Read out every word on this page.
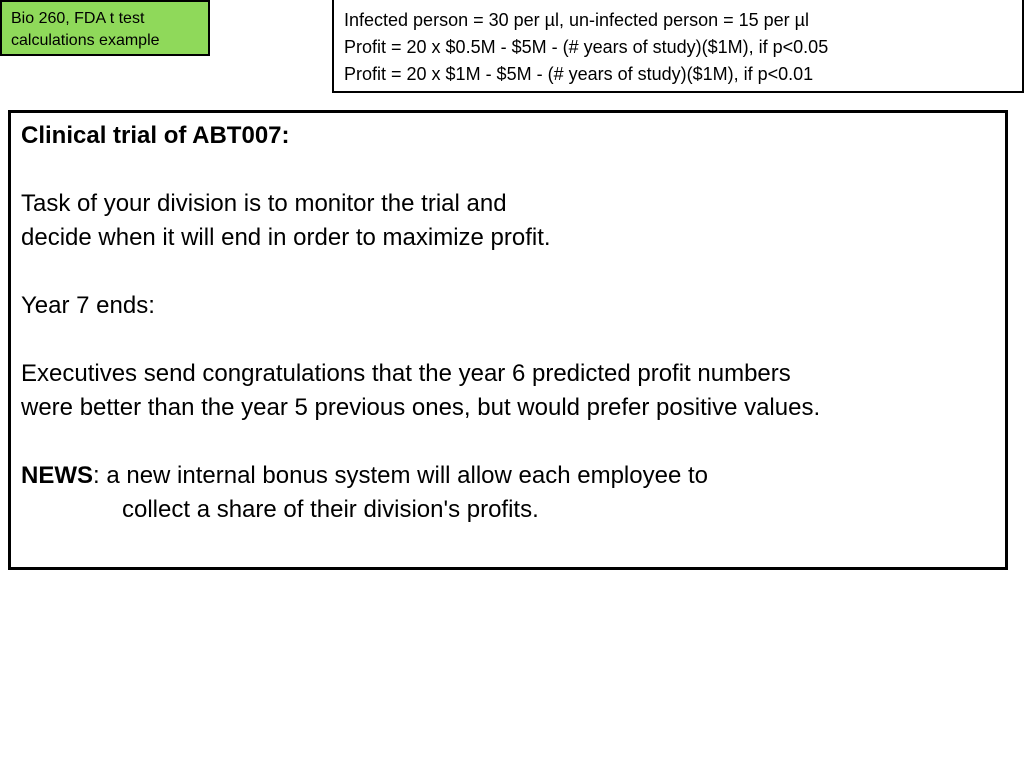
Bio 260, FDA t test
calculations example
Infected person = 30 per µl, un-infected person = 15 per µl
Profit = 20 x $0.5M - $5M - (# years of study)($1M), if p<0.05
Profit = 20 x $1M - $5M - (# years of study)($1M), if p<0.01

Clinical trial of ABT007:

Task of your division is to monitor the trial and

decide when it will end in order to maximize profit.

Year 7 ends:

Executives send congratulations that the year 6 predicted profit numbers

were better than the year 5 previous ones, but would prefer positive values.

NEWS: a new internal bonus system will allow each employee to

collect a share of their division's profits.
